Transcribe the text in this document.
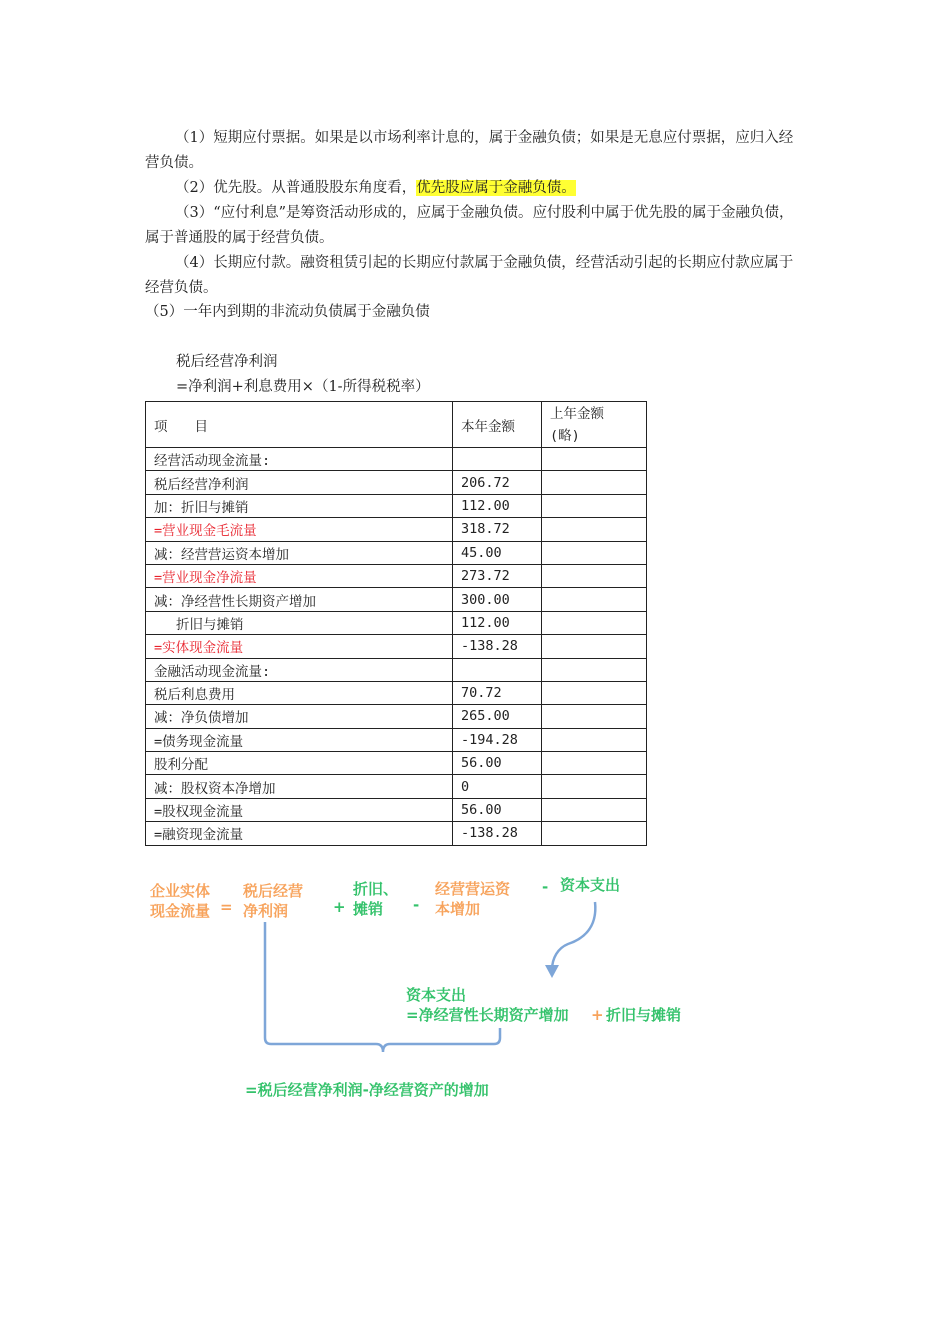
（1）短期应付票据。如果是以市场利率计息的，属于金融负债；如果是无息应付票据，应归入经营负债。
（2）优先股。从普通股股东角度看，优先股应属于金融负债。
（3）“应付利息”是筹资活动形成的，应属于金融负债。应付股利中属于优先股的属于金融负债，属于普通股的属于经营负债。
（4）长期应付款。融资租赁引起的长期应付款属于金融负债，经营活动引起的长期应付款应属于经营负债。
（5）一年内到期的非流动负债属于金融负债
税后经营净利润
=净利润+利息费用×（1-所得税税率）
项　　目	本年金额	上年金额
(略)

经营活动现金流量:		
税后经营净利润	206.72	
加：折旧与摊销	112.00	
=营业现金毛流量	318.72	
减：经营营运资本增加	45.00	
=营业现金净流量	273.72	
减：净经营性长期资产增加	300.00	
折旧与摊销	112.00	
=实体现金流量	-138.28	
金融活动现金流量:		
税后利息费用	70.72	
减：净负债增加	265.00	
=债务现金流量	-194.28	
股利分配	56.00	
减：股权资本净增加	0	
=股权现金流量	56.00	
=融资现金流量	-138.28	
企业实体
现金流量 =
税后经营
净利润	+
折旧、
摊销 -
经营营运资
本增加
- 资本支出
资本支出
=净经营性长期资产增加 + 折旧与摊销
=税后经营净利润-净经营资产的增加
